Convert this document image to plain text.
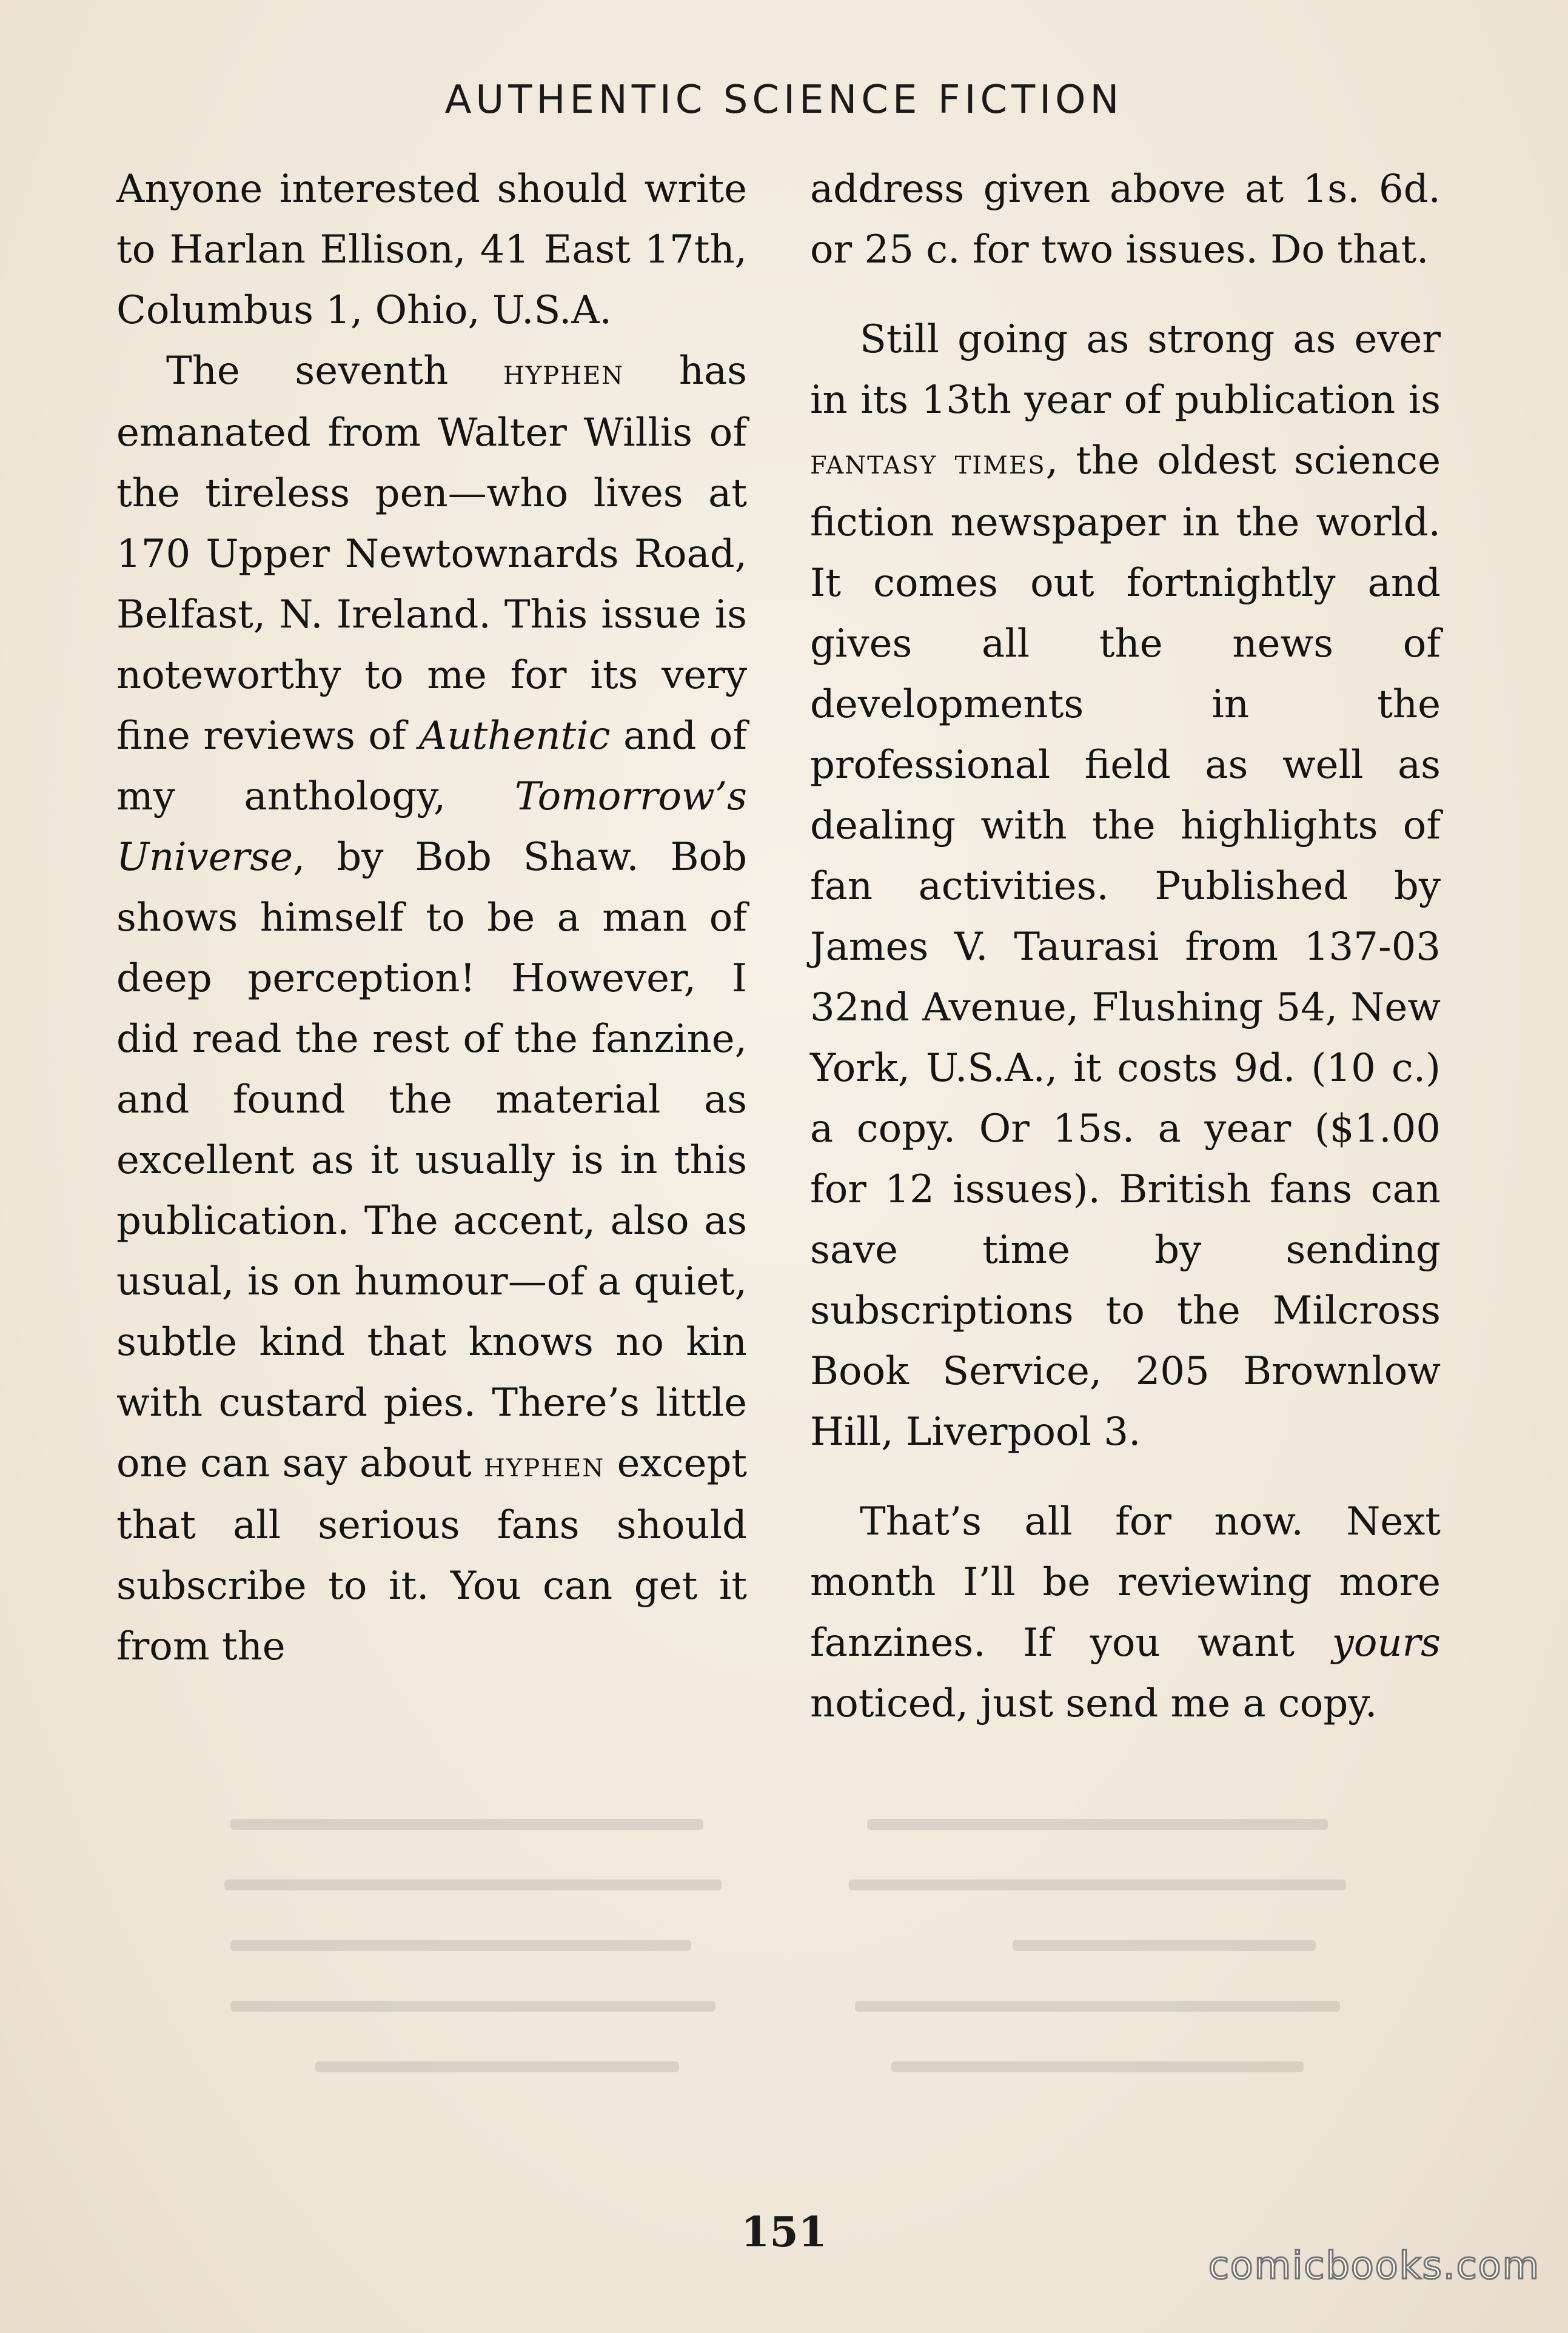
AUTHENTIC SCIENCE FICTION

Anyone interested should write to Harlan Ellison, 41 East 17th, Columbus 1, Ohio, U.S.A.

The seventh hyphen has emanated from Walter Willis of the tireless pen—who lives at 170 Upper Newtownards Road, Belfast, N. Ireland. This issue is noteworthy to me for its very fine reviews of Authentic and of my anthology, Tomorrow’s Universe, by Bob Shaw. Bob shows himself to be a man of deep perception! However, I did read the rest of the fanzine, and found the material as excellent as it usually is in this publication. The accent, also as usual, is on humour—of a quiet, subtle kind that knows no kin with custard pies. There’s little one can say about hyphen except that all serious fans should subscribe to it. You can get it from the

address given above at 1s. 6d. or 25 c. for two issues. Do that.

Still going as strong as ever in its 13th year of publication is fantasy times, the oldest science fiction newspaper in the world. It comes out fortnightly and gives all the news of developments in the professional field as well as dealing with the highlights of fan activities. Published by James V. Taurasi from 137-03 32nd Avenue, Flushing 54, New York, U.S.A., it costs 9d. (10 c.) a copy. Or 15s. a year ($1.00 for 12 issues). British fans can save time by sending subscriptions to the Milcross Book Service, 205 Brownlow Hill, Liverpool 3.

That’s all for now. Next month I’ll be reviewing more fanzines. If you want yours noticed, just send me a copy.

151
comicbooks.com
